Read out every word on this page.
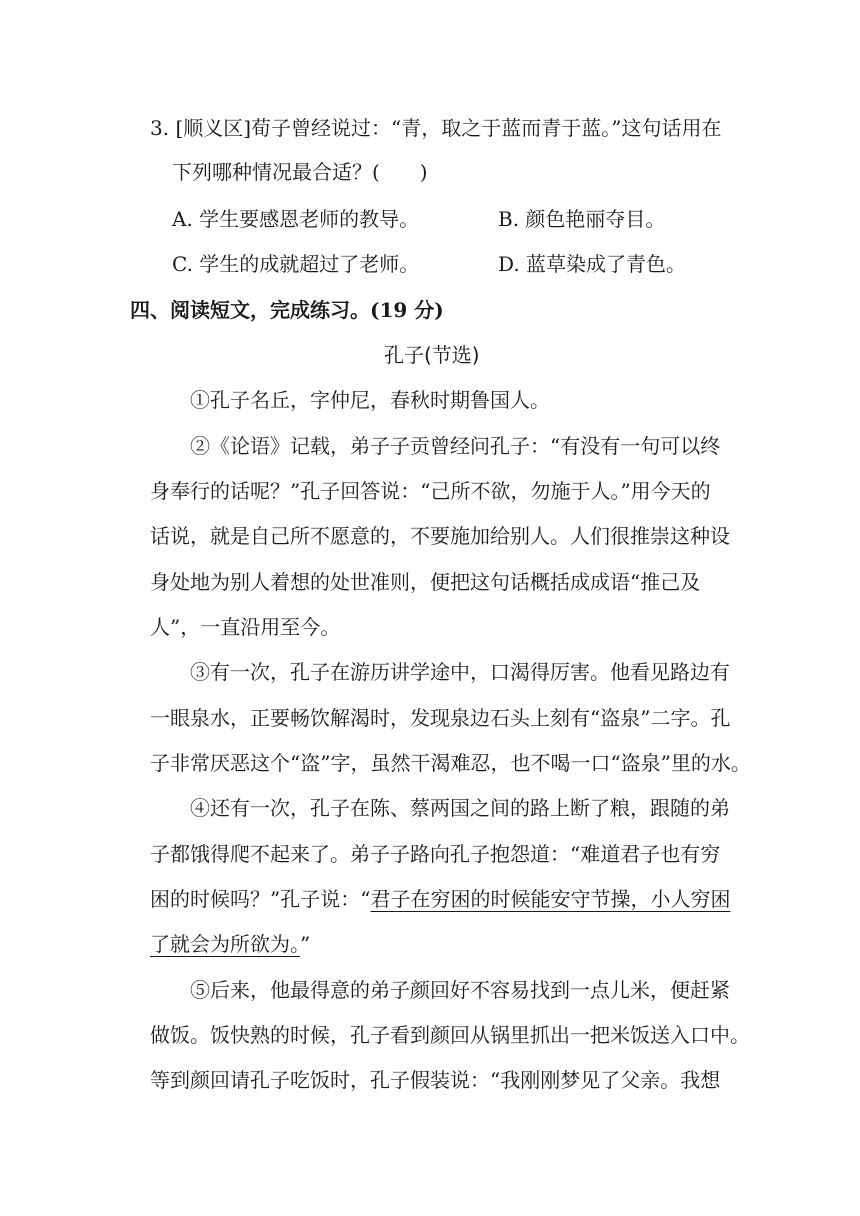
3. [顺义区]荀子曾经说过：“青，取之于蓝而青于蓝。”这句话用在
下列哪种情况最合适？(　　)
A. 学生要感恩老师的教导。	B. 颜色艳丽夺目。
C. 学生的成就超过了老师。	D. 蓝草染成了青色。
四、阅读短文，完成练习。(19 分)
孔子(节选)
①孔子名丘，字仲尼，春秋时期鲁国人。
②《论语》记载，弟子子贡曾经问孔子：“有没有一句可以终
身奉行的话呢？”孔子回答说：“己所不欲，勿施于人。”用今天的
话说，就是自己所不愿意的，不要施加给别人。人们很推崇这种设
身处地为别人着想的处世准则，便把这句话概括成成语“推己及
人”，一直沿用至今。
③有一次，孔子在游历讲学途中，口渴得厉害。他看见路边有
一眼泉水，正要畅饮解渴时，发现泉边石头上刻有“盗泉”二字。孔
子非常厌恶这个“盗”字，虽然干渴难忍，也不喝一口“盗泉”里的水。
④还有一次，孔子在陈、蔡两国之间的路上断了粮，跟随的弟
子都饿得爬不起来了。弟子子路向孔子抱怨道：“难道君子也有穷
困的时候吗？”孔子说：“君子在穷困的时候能安守节操，小人穷困
了就会为所欲为。”
⑤后来，他最得意的弟子颜回好不容易找到一点儿米，便赶紧
做饭。饭快熟的时候，孔子看到颜回从锅里抓出一把米饭送入口中。
等到颜回请孔子吃饭时，孔子假装说：“我刚刚梦见了父亲。我想
